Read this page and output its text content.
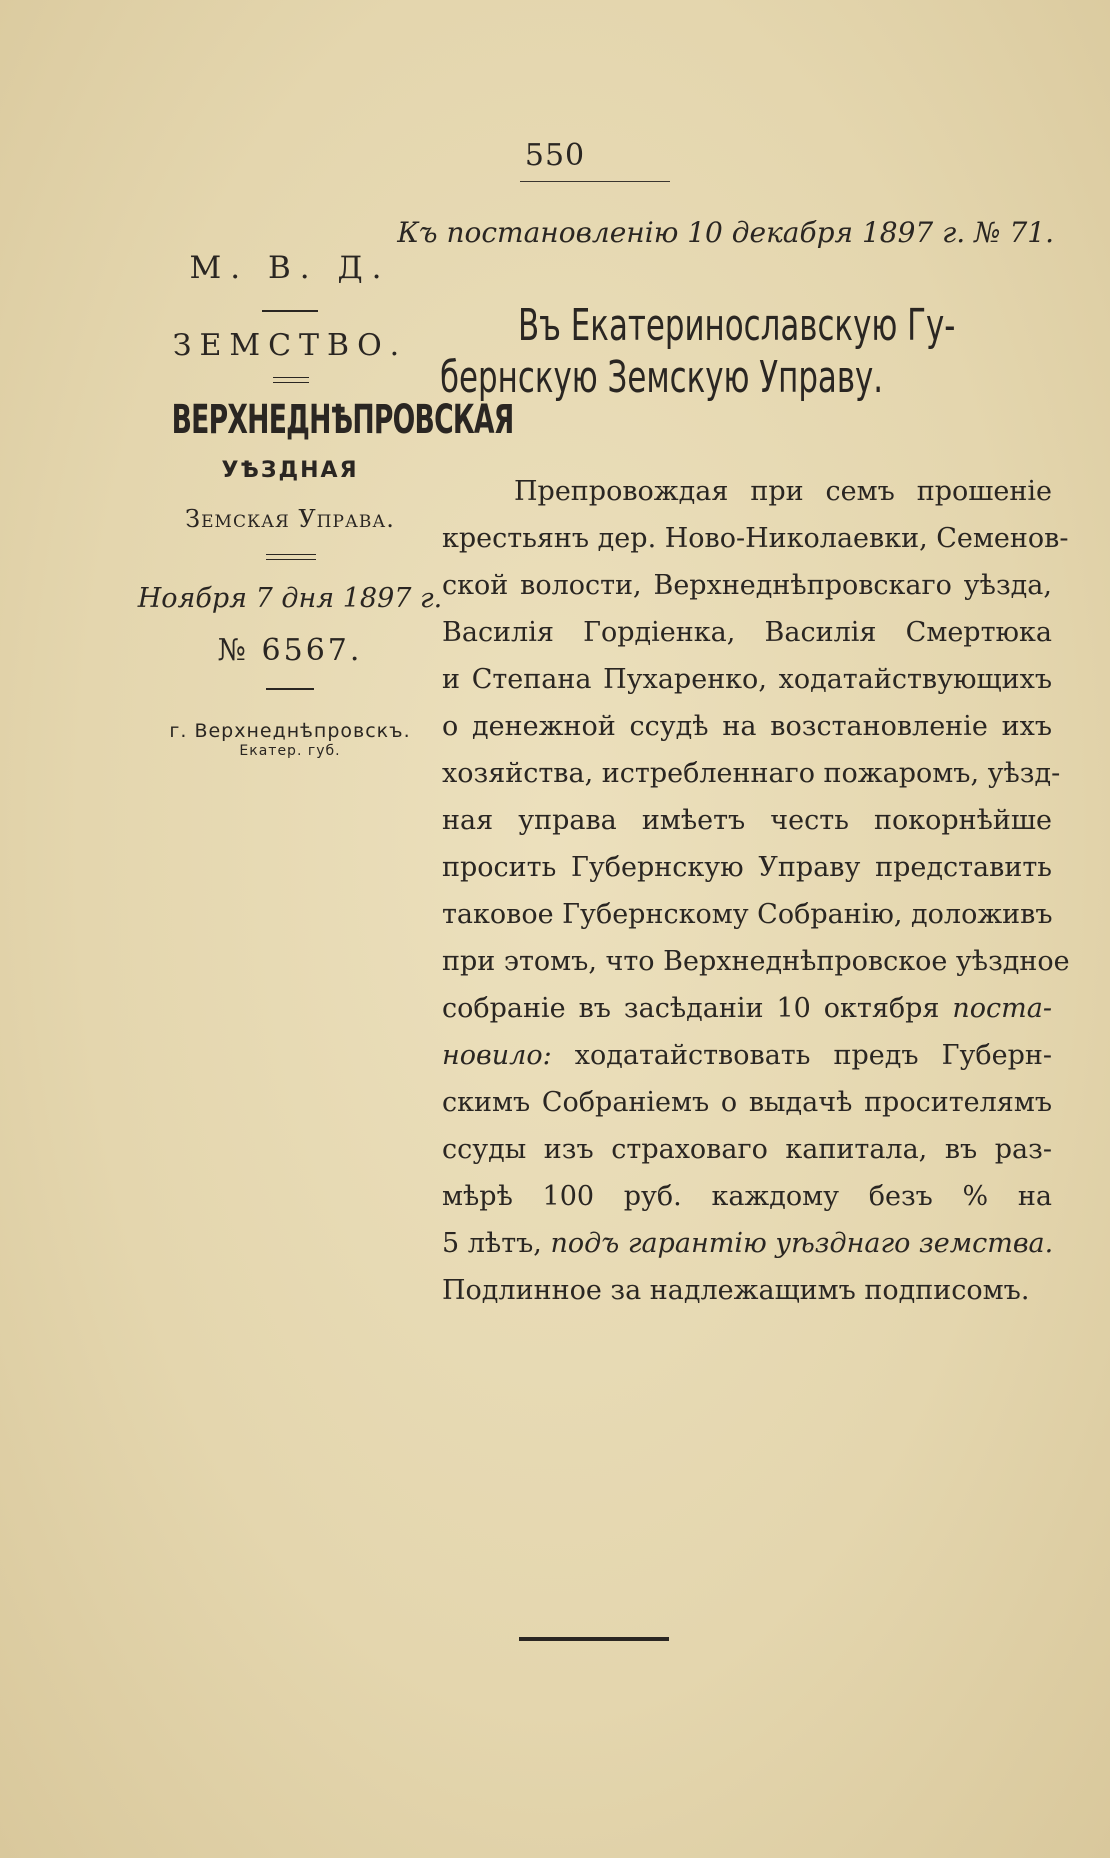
550
Къ постановленію 10 декабря 1897 г. № 71.
М. В. Д.
ЗЕМСТВО.
ВЕРХНЕДНѢПРОВСКАЯ
УѢЗДНАЯ
Земская Управа.
Ноября 7 дня 1897 г.
№ 6567.
г. Верхнеднѣпровскъ.
Екатер. губ.
Въ Екатеринославскую Гу-
бернскую Земскую Управу.
Препровождая при семъ прошеніе
крестьянъ дер. Ново-Николаевки, Семенов-
ской волости, Верхнеднѣпровскаго уѣзда,
Василія Гордіенка, Василія Смертюка
и Степана Пухаренко, ходатайствующихъ
о денежной ссудѣ на возстановленіе ихъ
хозяйства, истребленнаго пожаромъ, уѣзд-
ная управа имѣетъ честь покорнѣйше
просить Губернскую Управу представить
таковое Губернскому Собранію, доложивъ
при этомъ, что Верхнеднѣпровское уѣздное
собраніе въ засѣданіи 10 октября поста-
новило: ходатайствовать предъ Губерн-
скимъ Собраніемъ о выдачѣ просителямъ
ссуды изъ страховаго капитала, въ раз-
мѣрѣ 100 руб. каждому безъ % на
5 лѣтъ, подъ гарантію уѣзднаго земства.
Подлинное за надлежащимъ подписомъ.
